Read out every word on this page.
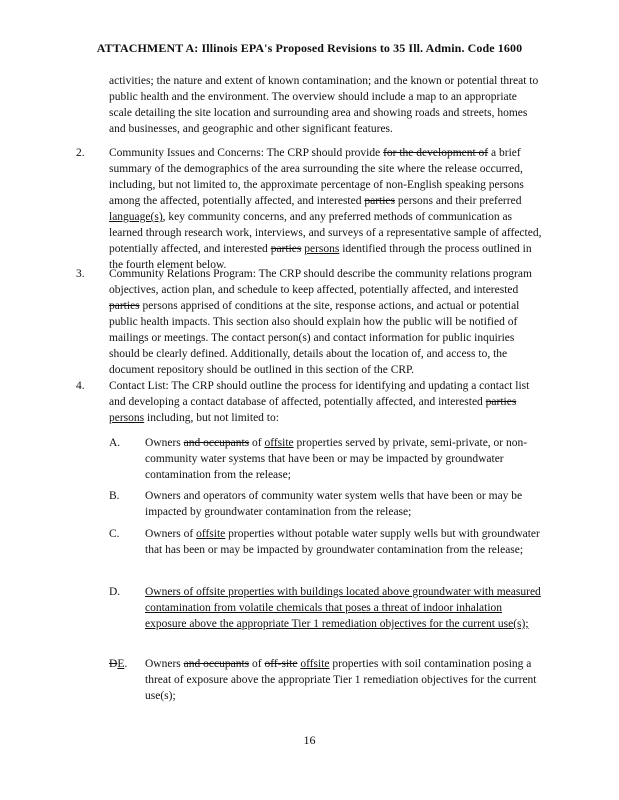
ATTACHMENT A: Illinois EPA's Proposed Revisions to 35 Ill. Admin. Code 1600
activities; the nature and extent of known contamination; and the known or potential threat to public health and the environment. The overview should include a map to an appropriate scale detailing the site location and surrounding area and showing roads and streets, homes and businesses, and geographic and other significant features.
2. Community Issues and Concerns: The CRP should provide for the development of a brief summary of the demographics of the area surrounding the site where the release occurred, including, but not limited to, the approximate percentage of non-English speaking persons among the affected, potentially affected, and interested parties persons and their preferred language(s), key community concerns, and any preferred methods of communication as learned through research work, interviews, and surveys of a representative sample of affected, potentially affected, and interested parties persons identified through the process outlined in the fourth element below.
3. Community Relations Program: The CRP should describe the community relations program objectives, action plan, and schedule to keep affected, potentially affected, and interested parties persons apprised of conditions at the site, response actions, and actual or potential public health impacts. This section also should explain how the public will be notified of mailings or meetings. The contact person(s) and contact information for public inquiries should be clearly defined. Additionally, details about the location of, and access to, the document repository should be outlined in this section of the CRP.
4. Contact List: The CRP should outline the process for identifying and updating a contact list and developing a contact database of affected, potentially affected, and interested parties persons including, but not limited to:
A. Owners and occupants of offsite properties served by private, semi-private, or non-community water systems that have been or may be impacted by groundwater contamination from the release;
B. Owners and operators of community water system wells that have been or may be impacted by groundwater contamination from the release;
C. Owners of offsite properties without potable water supply wells but with groundwater that has been or may be impacted by groundwater contamination from the release;
D. Owners of offsite properties with buildings located above groundwater with measured contamination from volatile chemicals that poses a threat of indoor inhalation exposure above the appropriate Tier 1 remediation objectives for the current use(s);
DE. Owners and occupants of off-site offsite properties with soil contamination posing a threat of exposure above the appropriate Tier 1 remediation objectives for the current use(s);
16
